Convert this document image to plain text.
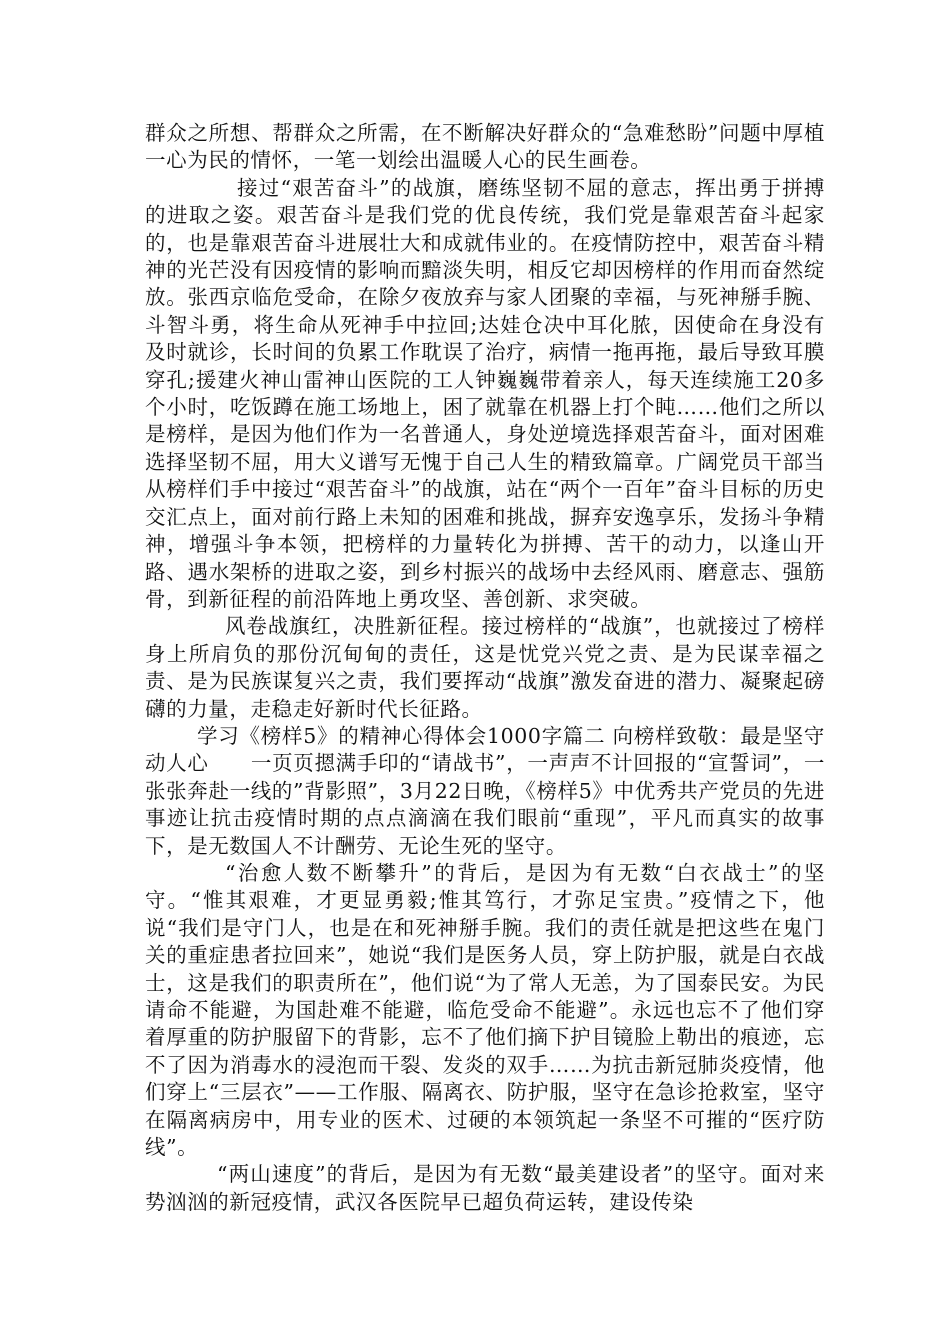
群众之所想、帮群众之所需，在不断解决好群众的“急难愁盼”问题中厚植一心为民的情怀，一笔一划绘出温暖人心的民生画卷。

接过“艰苦奋斗”的战旗，磨练坚韧不屈的意志，挥出勇于拼搏的进取之姿。艰苦奋斗是我们党的优良传统，我们党是靠艰苦奋斗起家的，也是靠艰苦奋斗进展壮大和成就伟业的。在疫情防控中，艰苦奋斗精神的光芒没有因疫情的影响而黯淡失明，相反它却因榜样的作用而奋然绽放。张西京临危受命，在除夕夜放弃与家人团聚的幸福，与死神掰手腕、斗智斗勇，将生命从死神手中拉回;达娃仓决中耳化脓，因使命在身没有及时就诊，长时间的负累工作耽误了治疗，病情一拖再拖，最后导致耳膜穿孔;援建火神山雷神山医院的工人钟巍巍带着亲人，每天连续施工20多个小时，吃饭蹲在施工场地上，困了就靠在机器上打个盹……他们之所以是榜样，是因为他们作为一名普通人，身处逆境选择艰苦奋斗，面对困难选择坚韧不屈，用大义谱写无愧于自己人生的精致篇章。广阔党员干部当从榜样们手中接过“艰苦奋斗”的战旗，站在“两个一百年”奋斗目标的历史交汇点上，面对前行路上未知的困难和挑战，摒弃安逸享乐，发扬斗争精神，增强斗争本领，把榜样的力量转化为拼搏、苦干的动力，以逢山开路、遇水架桥的进取之姿，到乡村振兴的战场中去经风雨、磨意志、强筋骨，到新征程的前沿阵地上勇攻坚、善创新、求突破。

风卷战旗红，决胜新征程。接过榜样的“战旗”，也就接过了榜样身上所肩负的那份沉甸甸的责任，这是忧党兴党之责、是为民谋幸福之责、是为民族谋复兴之责，我们要挥动“战旗”激发奋进的潜力、凝聚起磅礴的力量，走稳走好新时代长征路。

学习《榜样5》的精神心得体会1000字篇二 向榜样致敬：最是坚守动人心　　一页页摁满手印的“请战书”，一声声不计回报的“宣誓词”，一张张奔赴一线的”背影照”，3月22日晚，《榜样5》中优秀共产党员的先进事迹让抗击疫情时期的点点滴滴在我们眼前“重现”，平凡而真实的故事下，是无数国人不计酬劳、无论生死的坚守。

“治愈人数不断攀升”的背后，是因为有无数“白衣战士”的坚守。“惟其艰难，才更显勇毅;惟其笃行，才弥足宝贵。”疫情之下，他说“我们是守门人，也是在和死神掰手腕。我们的责任就是把这些在鬼门关的重症患者拉回来”，她说“我们是医务人员，穿上防护服，就是白衣战士，这是我们的职责所在”，他们说“为了常人无恙，为了国泰民安。为民请命不能避，为国赴难不能避，临危受命不能避”。永远也忘不了他们穿着厚重的防护服留下的背影，忘不了他们摘下护目镜脸上勒出的痕迹，忘不了因为消毒水的浸泡而干裂、发炎的双手……为抗击新冠肺炎疫情，他们穿上“三层衣”——工作服、隔离衣、防护服，坚守在急诊抢救室，坚守在隔离病房中，用专业的医术、过硬的本领筑起一条坚不可摧的“医疗防线”。

“两山速度”的背后，是因为有无数“最美建设者”的坚守。面对来势汹汹的新冠疫情，武汉各医院早已超负荷运转，建设传染
